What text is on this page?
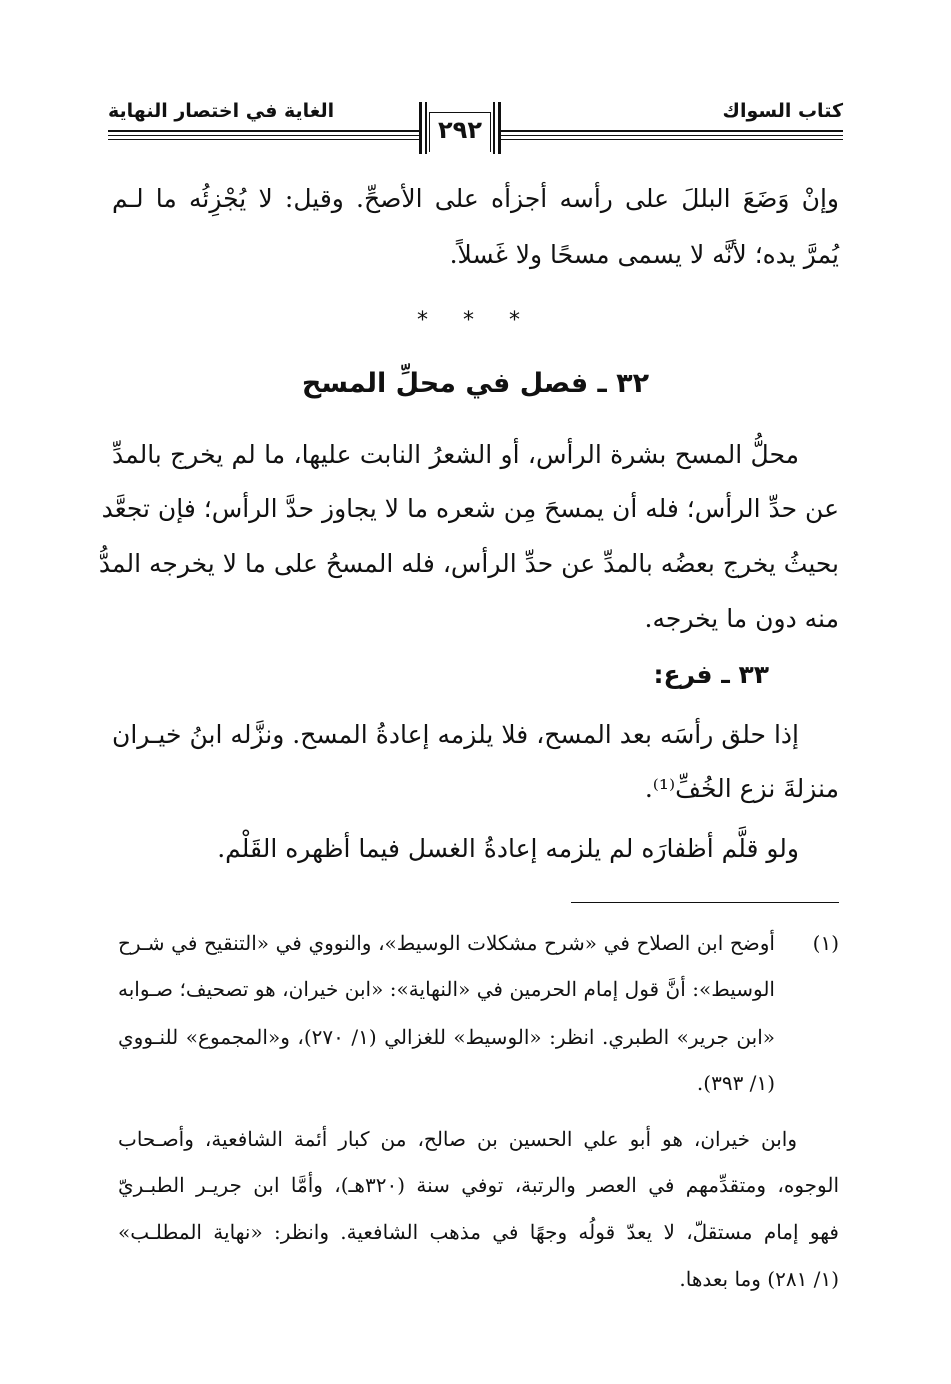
كتاب السواك
الغاية في اختصار النهاية
٢٩٢
وإنْ وَضَعَ البللَ على رأسه أجزأه على الأصحِّ. وقيل: لا يُجْزِئُه ما لـم
يُمرَّ يده؛ لأنَّه لا يسمى مسحًا ولا غَسلاً.
* * *
٣٢ ـ فصل في محلِّ المسح
محلُّ المسح بشرة الرأس، أو الشعرُ النابت عليها، ما لم يخرج بالمدِّ
عن حدِّ الرأس؛ فله أن يمسحَ مِن شعره ما لا يجاوز حدَّ الرأس؛ فإن تجعَّد
بحيثُ يخرج بعضُه بالمدِّ عن حدِّ الرأس، فله المسحُ على ما لا يخرجه المدُّ
منه دون ما يخرجه.
٣٣ ـ فرع:
إذا حلق رأسَه بعد المسح، فلا يلزمه إعادةُ المسح. ونزَّله ابنُ خيـران
منزلةَ نزع الخُفِّ⁽¹⁾.
ولو قلَّم أظفارَه لم يلزمه إعادةُ الغسل فيما أظهره القَلْم.
(١)
أوضح ابن الصلاح في «شرح مشكلات الوسيط»، والنووي في «التنقيح في شـرح
الوسيط»: أنَّ قول إمام الحرمين في «النهاية»: «ابن خيران، هو تصحيف؛ صـوابه
«ابن جرير» الطبري. انظر: «الوسيط» للغزالي (١/ ٢٧٠)، و«المجموع» للنـووي
(١/ ٣٩٣).
وابن خيران، هو أبو علي الحسين بن صالح، من كبار أئمة الشافعية، وأصـحاب
الوجوه، ومتقدِّمهم في العصر والرتبة، توفي سنة (٣٢٠هـ)، وأمَّا ابن جريـر الطبـريّ
فهو إمام مستقلّ، لا يعدّ قولُه وجهًا في مذهب الشافعية. وانظر: «نهاية المطلـب»
(١/ ٢٨١) وما بعدها.
